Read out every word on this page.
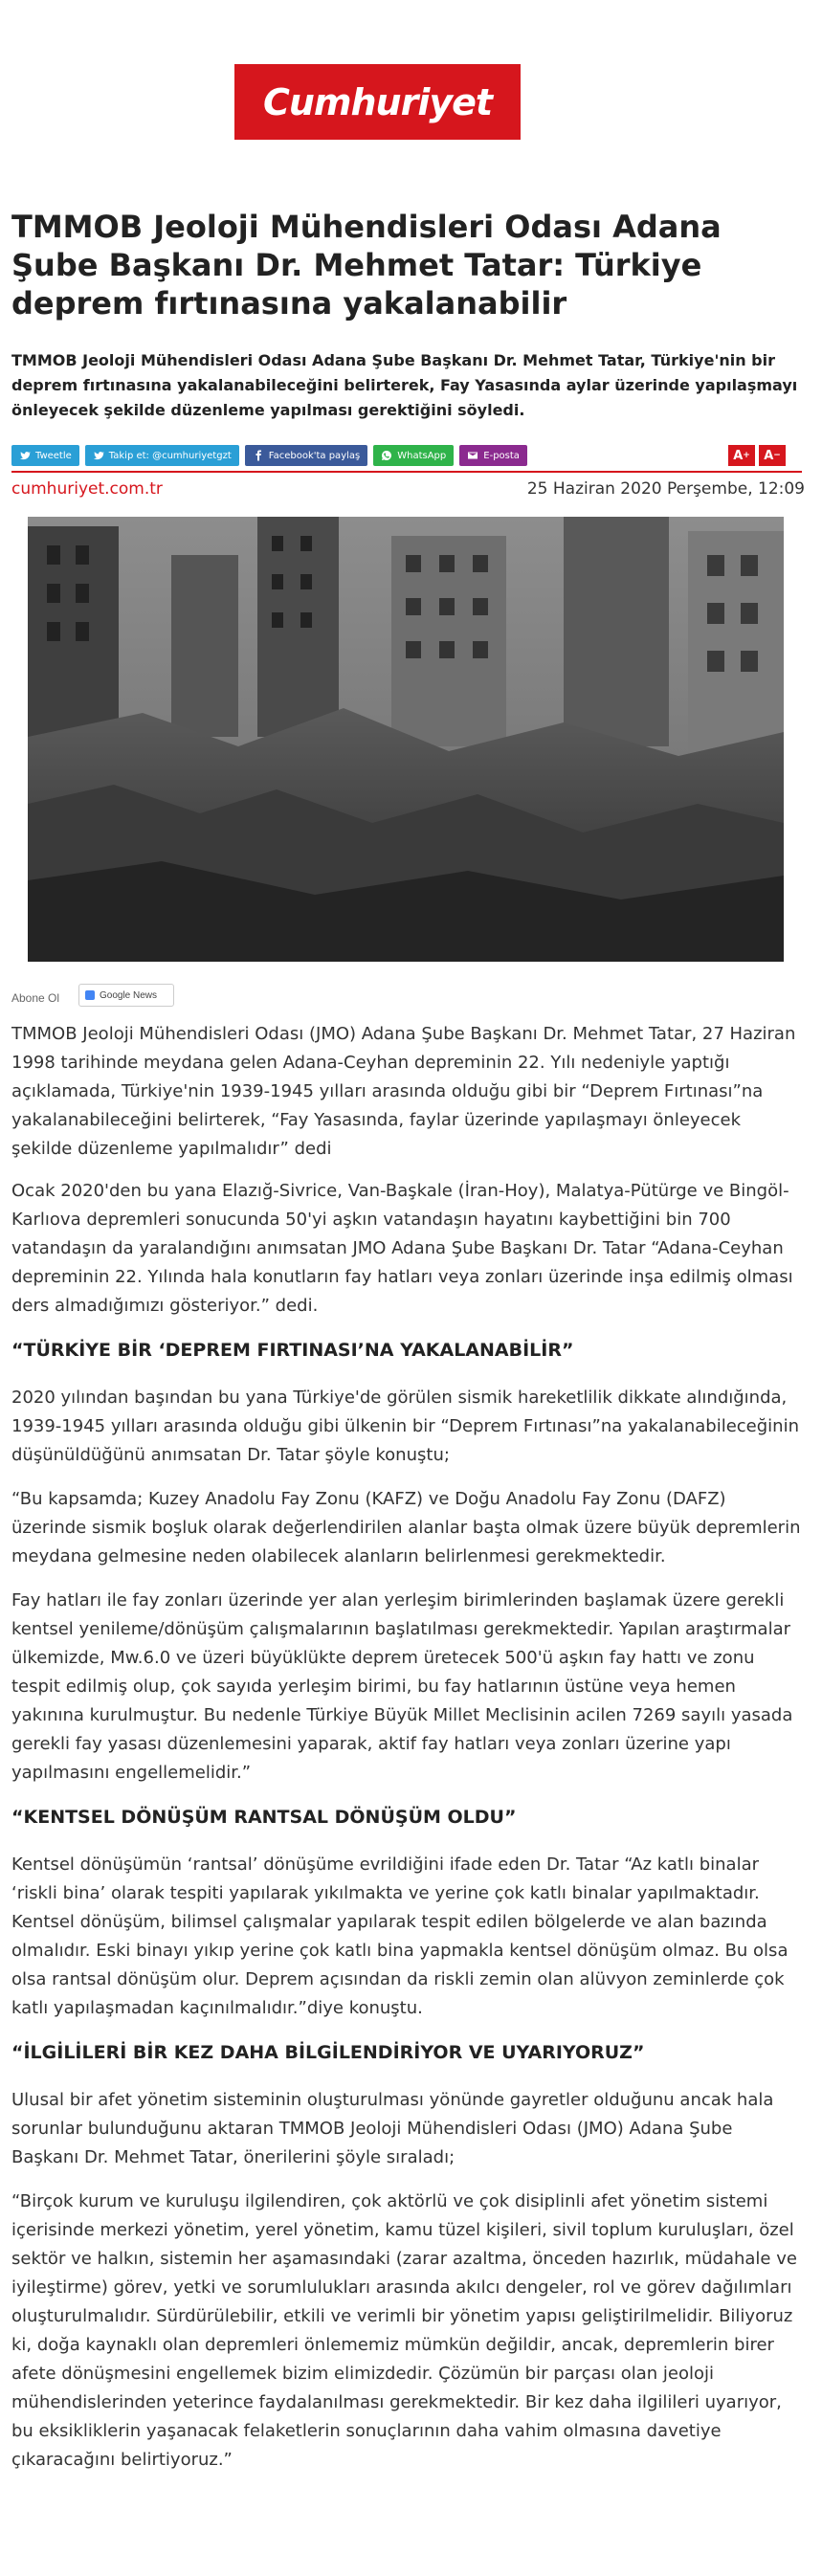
Cumhuriyet
TMMOB Jeoloji Mühendisleri Odası Adana Şube Başkanı Dr. Mehmet Tatar: Türkiye deprem fırtınasına yakalanabilir

TMMOB Jeoloji Mühendisleri Odası Adana Şube Başkanı Dr. Mehmet Tatar, Türkiye'nin bir deprem fırtınasına yakalanabileceğini belirterek, Fay Yasasında aylar üzerinde yapılaşmayı önleyecek şekilde düzenleme yapılması gerektiğini söyledi.

Tweetle	Takip et: @cumhuriyetgzt	Facebook'ta paylaş	WhatsApp	E-posta	A + A −
cumhuriyet.com.tr	25 Haziran 2020 Perşembe, 12:09
Abone Ol	Google News

TMMOB Jeoloji Mühendisleri Odası (JMO) Adana Şube Başkanı Dr. Mehmet Tatar, 27 Haziran 1998 tarihinde meydana gelen Adana-Ceyhan depreminin 22. Yılı nedeniyle yaptığı açıklamada, Türkiye'nin 1939-1945 yılları arasında olduğu gibi bir “Deprem Fırtınası”na yakalanabileceğini belirterek, “Fay Yasasında, faylar üzerinde yapılaşmayı önleyecek şekilde düzenleme yapılmalıdır” dedi

Ocak 2020'den bu yana Elazığ-Sivrice, Van-Başkale (İran-Hoy), Malatya-Pütürge ve Bingöl-Karlıova depremleri sonucunda 50'yi aşkın vatandaşın hayatını kaybettiğini bin 700 vatandaşın da yaralandığını anımsatan JMO Adana Şube Başkanı Dr. Tatar “Adana-Ceyhan depreminin 22. Yılında hala konutların fay hatları veya zonları üzerinde inşa edilmiş olması ders almadığımızı gösteriyor.” dedi.

“TÜRKİYE BİR ‘DEPREM FIRTINASI’NA YAKALANABİLİR”

2020 yılından başından bu yana Türkiye'de görülen sismik hareketlilik dikkate alındığında, 1939-1945 yılları arasında olduğu gibi ülkenin bir “Deprem Fırtınası”na yakalanabileceğinin düşünüldüğünü anımsatan Dr. Tatar şöyle konuştu;

“Bu kapsamda; Kuzey Anadolu Fay Zonu (KAFZ) ve Doğu Anadolu Fay Zonu (DAFZ) üzerinde sismik boşluk olarak değerlendirilen alanlar başta olmak üzere büyük depremlerin meydana gelmesine neden olabilecek alanların belirlenmesi gerekmektedir.

Fay hatları ile fay zonları üzerinde yer alan yerleşim birimlerinden başlamak üzere gerekli kentsel yenileme/dönüşüm çalışmalarının başlatılması gerekmektedir. Yapılan araştırmalar ülkemizde, Mw.6.0 ve üzeri büyüklükte deprem üretecek 500'ü aşkın fay hattı ve zonu tespit edilmiş olup, çok sayıda yerleşim birimi, bu fay hatlarının üstüne veya hemen yakınına kurulmuştur. Bu nedenle Türkiye Büyük Millet Meclisinin acilen 7269 sayılı yasada gerekli fay yasası düzenlemesini yaparak, aktif fay hatları veya zonları üzerine yapı yapılmasını engellemelidir.”

“KENTSEL DÖNÜŞÜM RANTSAL DÖNÜŞÜM OLDU”

Kentsel dönüşümün ‘rantsal’ dönüşüme evrildiğini ifade eden Dr. Tatar “Az katlı binalar ‘riskli bina’ olarak tespiti yapılarak yıkılmakta ve yerine çok katlı binalar yapılmaktadır. Kentsel dönüşüm, bilimsel çalışmalar yapılarak tespit edilen bölgelerde ve alan bazında olmalıdır. Eski binayı yıkıp yerine çok katlı bina yapmakla kentsel dönüşüm olmaz. Bu olsa olsa rantsal dönüşüm olur. Deprem açısından da riskli zemin olan alüvyon zeminlerde çok katlı yapılaşmadan kaçınılmalıdır.”diye konuştu.

“İLGİLİLERİ BİR KEZ DAHA BİLGİLENDİRİYOR VE UYARIYORUZ”

Ulusal bir afet yönetim sisteminin oluşturulması yönünde gayretler olduğunu ancak hala sorunlar bulunduğunu aktaran TMMOB Jeoloji Mühendisleri Odası (JMO) Adana Şube Başkanı Dr. Mehmet Tatar, önerilerini şöyle sıraladı;

“Birçok kurum ve kuruluşu ilgilendiren, çok aktörlü ve çok disiplinli afet yönetim sistemi içerisinde merkezi yönetim, yerel yönetim, kamu tüzel kişileri, sivil toplum kuruluşları, özel sektör ve halkın, sistemin her aşamasındaki (zarar azaltma, önceden hazırlık, müdahale ve iyileştirme) görev, yetki ve sorumlulukları arasında akılcı dengeler, rol ve görev dağılımları oluşturulmalıdır. Sürdürülebilir, etkili ve verimli bir yönetim yapısı geliştirilmelidir. Biliyoruz ki, doğa kaynaklı olan depremleri önlememiz mümkün değildir, ancak, depremlerin birer afete dönüşmesini engellemek bizim elimizdedir. Çözümün bir parçası olan jeoloji mühendislerinden yeterince faydalanılması gerekmektedir. Bir kez daha ilgilileri uyarıyor, bu eksikliklerin yaşanacak felaketlerin sonuçlarının daha vahim olmasına davetiye çıkaracağını belirtiyoruz.”
